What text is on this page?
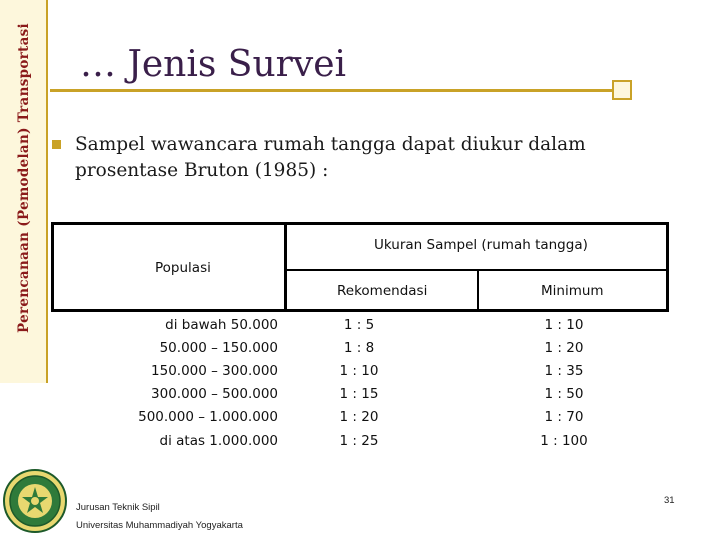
Perencanaan (Pemodelan) Transportasi … Jenis Survei
Sampel wawancara rumah tangga dapat diukur dalam prosentase Bruton (1985) :
Populasi
Ukuran Sampel (rumah tangga)
Rekomendasi	Minimum
di bawah 50.000	1 : 5	1 : 10
50.000 – 150.000	1 : 8	1 : 20
150.000 – 300.000	1 : 10	1 : 35
300.000 – 500.000	1 : 15	1 : 50
500.000 – 1.000.000	1 : 20	1 : 70
di atas 1.000.000	1 : 25	1 : 100
Jurusan Teknik Sipil
Universitas Muhammadiyah Yogyakarta
31
